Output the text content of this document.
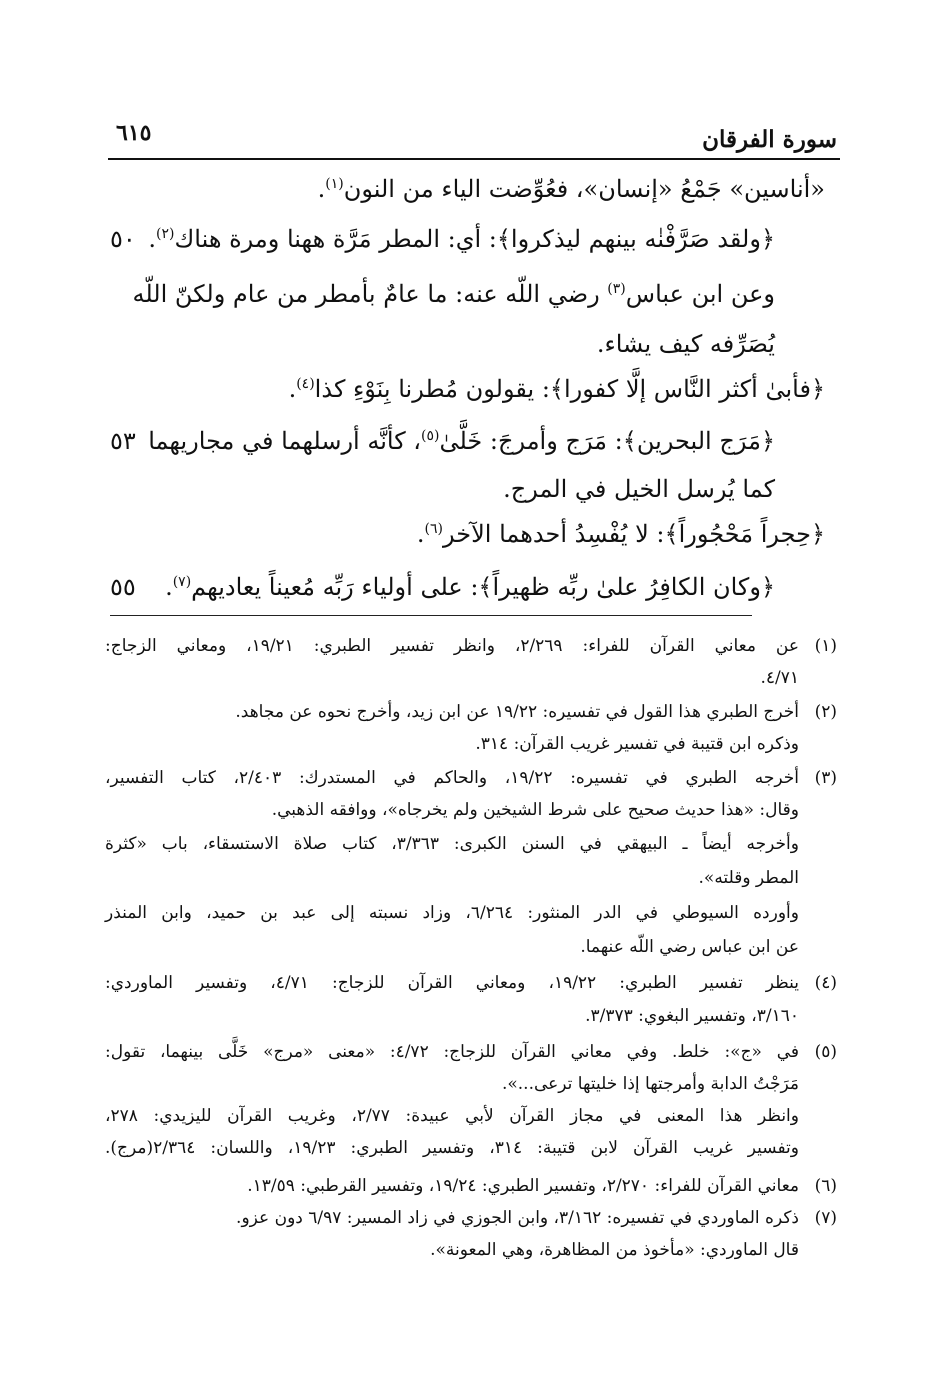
سورة الفرقان
٦١٥
«أناسين» جَمْعُ «إنسان»، فعُوِّضت الياء من النون$^{(١)}$.
٥٠	﴿ولقد صَرَّفْنٰه بينهم ليذكروا﴾: أي: المطر مَرَّة ههنا ومرة هناك$^{(٢)}$.
وعن ابن عباس$^{(٣)}$ رضي اللّه عنه: ما عامٌ بأمطر من عام ولكنّ اللّه
يُصَرِّفه كيف يشاء.
﴿فأبىٰ أكثر النَّاس إلَّا كفورا﴾: يقولون مُطرنا بِنَوْءِ كذا$^{(٤)}$.
٥٣	﴿مَرَج البحرين﴾: مَرَج وأمرجَ: خَلَّىٰ$^{(٥)}$، كأنَّه أرسلهما في مجاريهما
كما يُرسل الخيل في المرج.
﴿حِجراً مَحْجُوراً﴾: لا يُفْسِدُ أحدهما الآخر$^{(٦)}$.
٥٥	﴿وكان الكافِرُ علىٰ ربِّه ظهيراً﴾: على أولياء رَبِّه مُعيناً يعاديهم$^{(٧)}$.
(١)
عن معاني القرآن للفراء: ٢/٢٦٩، وانظر تفسير الطبري: ١٩/٢١، ومعاني الزجاج:
٤/٧١.
(٢)
أخرج الطبري هذا القول في تفسيره: ١٩/٢٢ عن ابن زيد، وأخرج نحوه عن مجاهد.
وذكره ابن قتيبة في تفسير غريب القرآن: ٣١٤.
(٣)
أخرجه الطبري في تفسيره: ١٩/٢٢، والحاكم في المستدرك: ٢/٤٠٣، كتاب التفسير،
وقال: «هذا حديث صحيح على شرط الشيخين ولم يخرجاه»، ووافقه الذهبي.
وأخرجه أيضاً ـ البيهقي في السنن الكبرى: ٣/٣٦٣، كتاب صلاة الاستسقاء، باب «كثرة
المطر وقلته».
وأورده السيوطي في الدر المنثور: ٦/٢٦٤، وزاد نسبته إلى عبد بن حميد، وابن المنذر
عن ابن عباس رضي اللّه عنهما.
(٤)
ينظر تفسير الطبري: ١٩/٢٢، ومعاني القرآن للزجاج: ٤/٧١، وتفسير الماوردي:
٣/١٦٠، وتفسير البغوي: ٣/٣٧٣.
(٥)
في «ج»: خلط. وفي معاني القرآن للزجاج: ٤/٧٢: «معنى «مرج» خَلَّى بينهما، تقول:
مَرَجْتُ الدابة وأمرجتها إذا خليتها ترعى...».
وانظر هذا المعنى في مجاز القرآن لأبي عبيدة: ٢/٧٧، وغريب القرآن لليزيدي: ٢٧٨،
وتفسير غريب القرآن لابن قتيبة: ٣١٤، وتفسير الطبري: ١٩/٢٣، واللسان: ٢/٣٦٤(مرج).
(٦)
معاني القرآن للفراء: ٢/٢٧٠، وتفسير الطبري: ١٩/٢٤، وتفسير القرطبي: ١٣/٥٩.
(٧)
ذكره الماوردي في تفسيره: ٣/١٦٢، وابن الجوزي في زاد المسير: ٦/٩٧ دون عزو.
قال الماوردي: «مأخوذ من المظاهرة، وهي المعونة».
